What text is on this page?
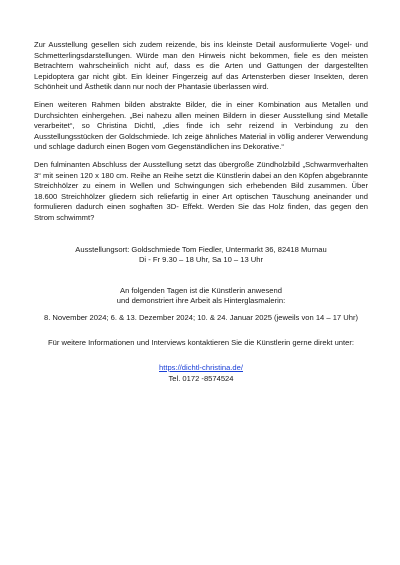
Zur Ausstellung gesellen sich zudem reizende, bis ins kleinste Detail ausformulierte Vogel- und Schmetterlingsdarstellungen. Würde man den Hinweis nicht bekommen, fiele es den meisten Betrachtern wahrscheinlich nicht auf, dass es die Arten und Gattungen der dargestellten Lepidoptera gar nicht gibt. Ein kleiner Fingerzeig auf das Artensterben dieser Insekten, deren Schönheit und Ästhetik dann nur noch der Phantasie überlassen wird.

Einen weiteren Rahmen bilden abstrakte Bilder, die in einer Kombination aus Metallen und Durchsichten einhergehen. „Bei nahezu allen meinen Bildern in dieser Ausstellung sind Metalle verarbeitet“, so Christina Dichtl, „dies finde ich sehr reizend in Verbindung zu den Ausstellungsstücken der Goldschmiede. Ich zeige ähnliches Material in völlig anderer Verwendung und schlage dadurch einen Bogen vom Gegenständlichen ins Dekorative.“

Den fulminanten Abschluss der Ausstellung setzt das übergroße Zündholzbild „Schwarmverhalten 3“ mit seinen 120 x 180 cm. Reihe an Reihe setzt die Künstlerin dabei an den Köpfen abgebrannte Streichhölzer zu einem in Wellen und Schwingungen sich erhebenden Bild zusammen. Über 18.600 Streichhölzer gliedern sich reliefartig in einer Art optischen Täuschung aneinander und formulieren dadurch einen soghaften 3D- Effekt. Werden Sie das Holz finden, das gegen den Strom schwimmt?

Ausstellungsort: Goldschmiede Tom Fiedler, Untermarkt 36, 82418 Murnau
Di - Fr 9.30 – 18 Uhr, Sa 10 – 13 Uhr
An folgenden Tagen ist die Künstlerin anwesend
und demonstriert ihre Arbeit als Hinterglasmalerin:
8. November 2024; 6. & 13. Dezember 2024; 10. & 24. Januar 2025 (jeweils von 14 – 17 Uhr)
Für weitere Informationen und Interviews kontaktieren Sie die Künstlerin gerne direkt unter:
https://dichtl-christina.de/
Tel. 0172 -8574524
